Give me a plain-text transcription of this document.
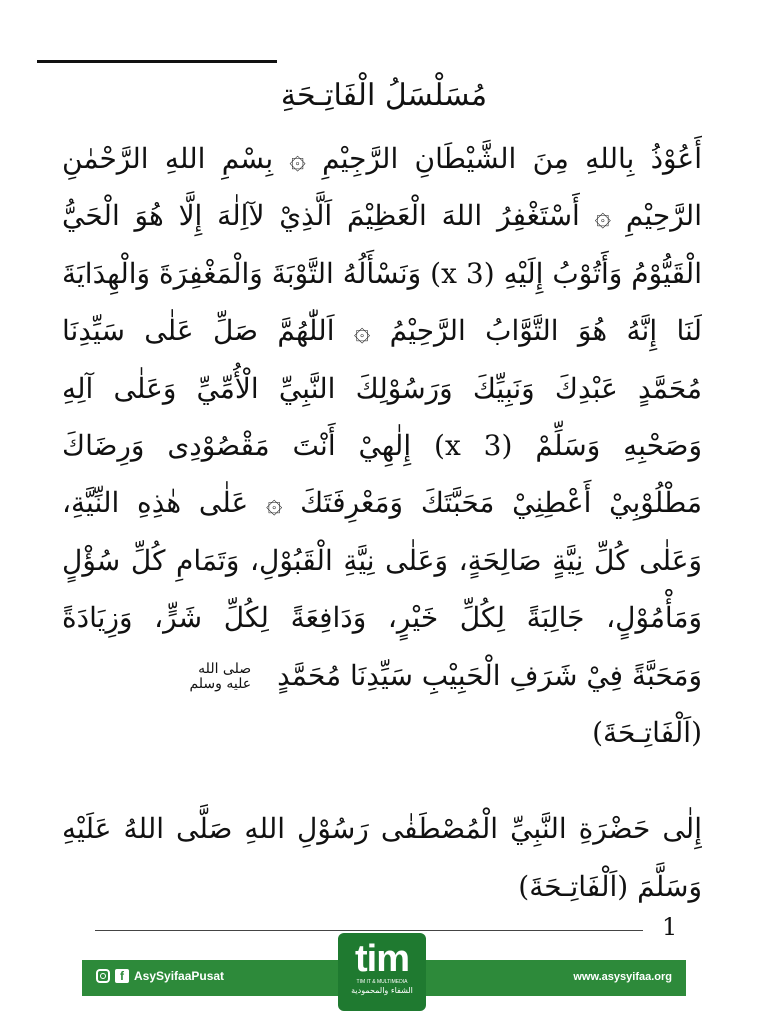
مُسَلْسَلُ الْفَاتِـحَةِ
أَعُوْذُ بِاللهِ مِنَ الشَّيْطَانِ الرَّجِيْمِ ۞ بِسْمِ اللهِ الرَّحْمٰنِ
الرَّحِيْمِ ۞ أَسْتَغْفِرُ اللهَ الْعَظِيْمَ اَلَّذِيْ لآاِلٰهَ إِلَّا هُوَ الْحَيُّ
الْقَيُّوْمُ وَأَتُوْبُ إِلَيْهِ (3 x) وَنَسْأَلُهُ التَّوْبَةَ وَالْمَغْفِرَةَ وَالْهِدَايَةَ
لَنَا إِنَّهُ هُوَ التَّوَّابُ الرَّحِيْمُ ۞ اَللّٰهُمَّ صَلِّ عَلٰى سَيِّدِنَا
مُحَمَّدٍ عَبْدِكَ وَنَبِيِّكَ وَرَسُوْلِكَ النَّبِيِّ الْأُمِّيِّ وَعَلٰى آلِهِ
وَصَحْبِهِ وَسَلِّمْ (3 x) إِلٰهِيْ أَنْتَ مَقْصُوْدِى وَرِضَاكَ
مَطْلُوْبِيْ أَعْطِنِيْ مَحَبَّتَكَ وَمَعْرِفَتَكَ ۞ عَلٰى هٰذِهِ النِّيَّةِ،
وَعَلٰى كُلِّ نِيَّةٍ صَالِحَةٍ، وَعَلٰى نِيَّةِ الْقَبُوْلِ، وَتَمَامِ كُلِّ سُؤْلٍ
وَمَأْمُوْلٍ، جَالِبَةً لِكُلِّ خَيْرٍ، وَدَافِعَةً لِكُلِّ شَرٍّ، وَزِيَادَةً
وَمَحَبَّةً فِيْ شَرَفِ الْحَبِيْبِ سَيِّدِنَا مُحَمَّدٍ
صلى الله
عليه وسلم
(اَلْفَاتِـحَةَ)
إِلٰى حَضْرَةِ النَّبِيِّ الْمُصْطَفٰى رَسُوْلِ اللهِ صَلَّى اللهُ عَلَيْهِ
وَسَلَّمَ (اَلْفَاتِـحَةَ)
1
f AsySyifaaPusat	www.asysyifaa.org
tim
TIM IT & MULTIMEDIA
الشفاء والمحمودية
